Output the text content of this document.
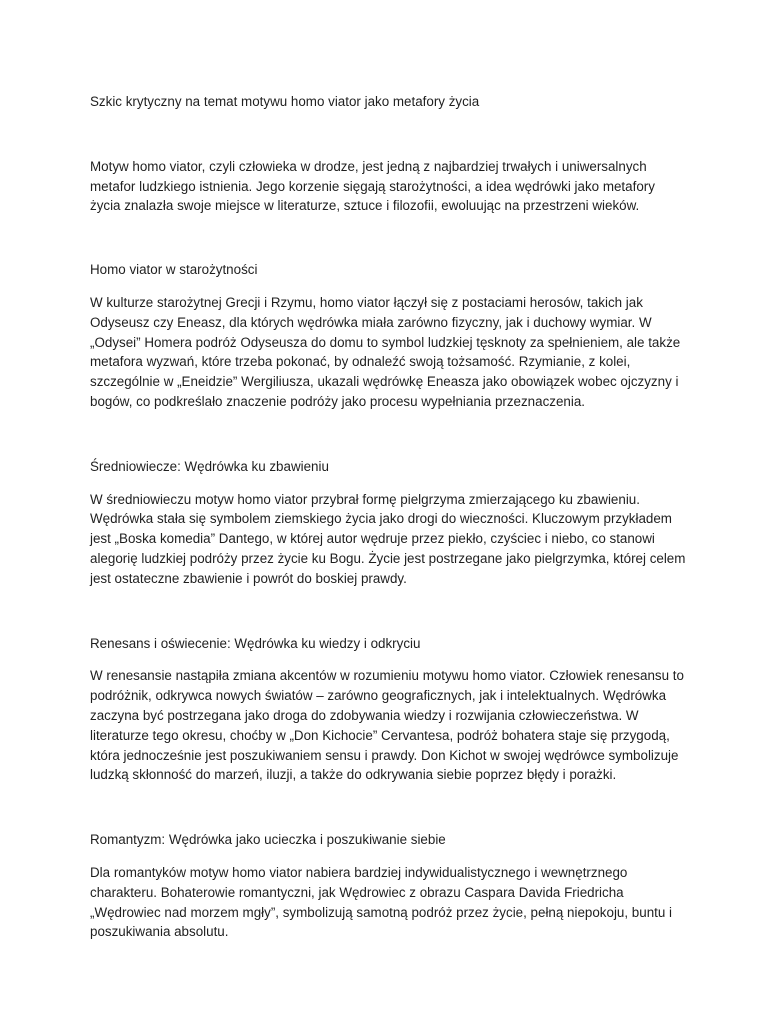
Szkic krytyczny na temat motywu homo viator jako metafory życia

Motyw homo viator, czyli człowieka w drodze, jest jedną z najbardziej trwałych i uniwersalnych metafor ludzkiego istnienia. Jego korzenie sięgają starożytności, a idea wędrówki jako metafory życia znalazła swoje miejsce w literaturze, sztuce i filozofii, ewoluując na przestrzeni wieków.

Homo viator w starożytności

W kulturze starożytnej Grecji i Rzymu, homo viator łączył się z postaciami herosów, takich jak Odyseusz czy Eneasz, dla których wędrówka miała zarówno fizyczny, jak i duchowy wymiar. W „Odysei” Homera podróż Odyseusza do domu to symbol ludzkiej tęsknoty za spełnieniem, ale także metafora wyzwań, które trzeba pokonać, by odnaleźć swoją tożsamość. Rzymianie, z kolei, szczególnie w „Eneidzie” Wergiliusza, ukazali wędrówkę Eneasza jako obowiązek wobec ojczyzny i bogów, co podkreślało znaczenie podróży jako procesu wypełniania przeznaczenia.

Średniowiecze: Wędrówka ku zbawieniu

W średniowieczu motyw homo viator przybrał formę pielgrzyma zmierzającego ku zbawieniu. Wędrówka stała się symbolem ziemskiego życia jako drogi do wieczności. Kluczowym przykładem jest „Boska komedia” Dantego, w której autor wędruje przez piekło, czyściec i niebo, co stanowi alegorię ludzkiej podróży przez życie ku Bogu. Życie jest postrzegane jako pielgrzymka, której celem jest ostateczne zbawienie i powrót do boskiej prawdy.

Renesans i oświecenie: Wędrówka ku wiedzy i odkryciu

W renesansie nastąpiła zmiana akcentów w rozumieniu motywu homo viator. Człowiek renesansu to podróżnik, odkrywca nowych światów – zarówno geograficznych, jak i intelektualnych. Wędrówka zaczyna być postrzegana jako droga do zdobywania wiedzy i rozwijania człowieczeństwa. W literaturze tego okresu, choćby w „Don Kichocie” Cervantesa, podróż bohatera staje się przygodą, która jednocześnie jest poszukiwaniem sensu i prawdy. Don Kichot w swojej wędrówce symbolizuje ludzką skłonność do marzeń, iluzji, a także do odkrywania siebie poprzez błędy i porażki.

Romantyzm: Wędrówka jako ucieczka i poszukiwanie siebie

Dla romantyków motyw homo viator nabiera bardziej indywidualistycznego i wewnętrznego charakteru. Bohaterowie romantyczni, jak Wędrowiec z obrazu Caspara Davida Friedricha „Wędrowiec nad morzem mgły”, symbolizują samotną podróż przez życie, pełną niepokoju, buntu i poszukiwania absolutu.
